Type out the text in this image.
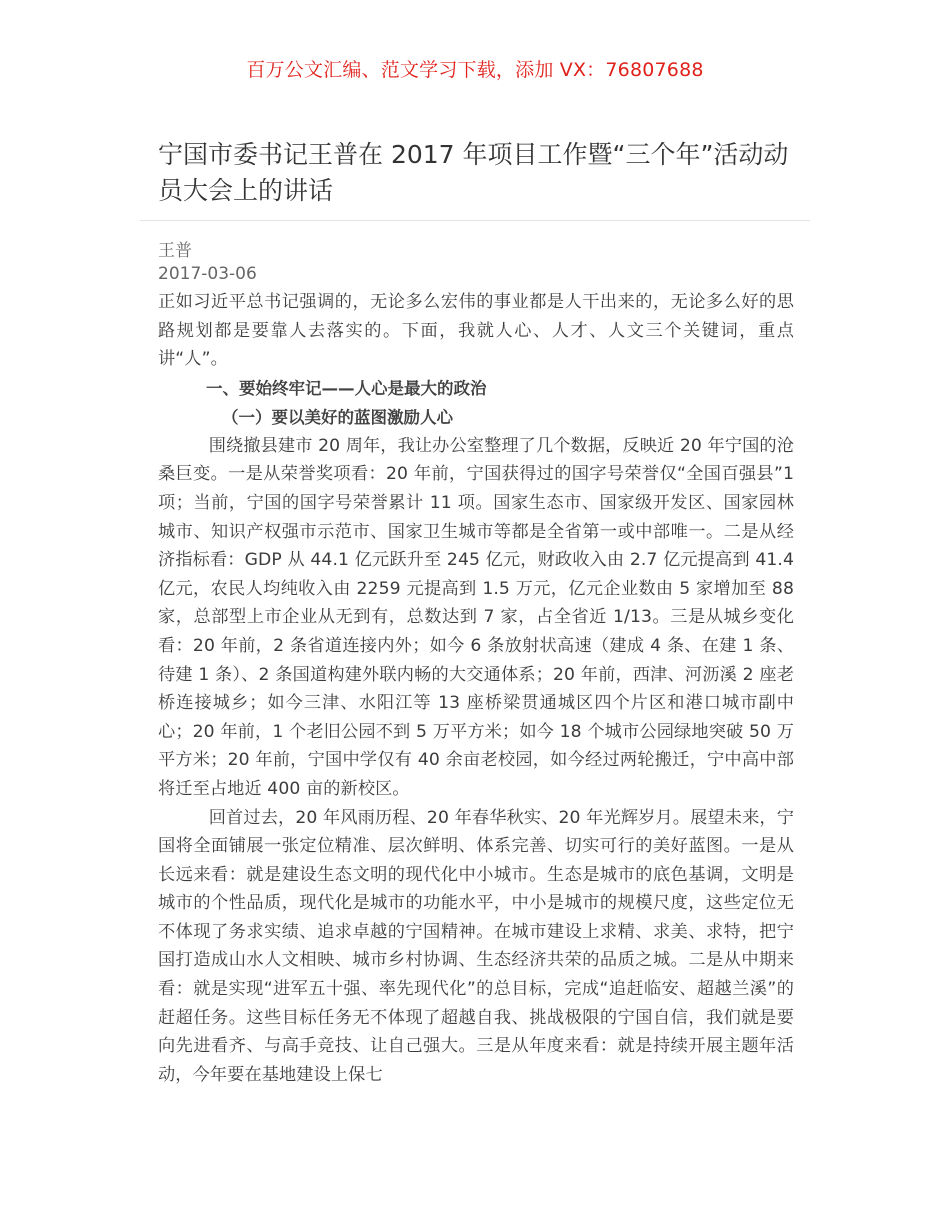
百万公文汇编、范文学习下载，添加 VX：76807688
宁国市委书记王普在 2017 年项目工作暨“三个年”活动动员大会上的讲话
王普
2017-03-06

正如习近平总书记强调的，无论多么宏伟的事业都是人干出来的，无论多么好的思路规划都是要靠人去落实的。下面，我就人心、人才、人文三个关键词，重点讲“人”。

一、要始终牢记——人心是最大的政治

（一）要以美好的蓝图激励人心

围绕撤县建市 20 周年，我让办公室整理了几个数据，反映近 20 年宁国的沧桑巨变。一是从荣誉奖项看：20 年前，宁国获得过的国字号荣誉仅“全国百强县”1 项；当前，宁国的国字号荣誉累计 11 项。国家生态市、国家级开发区、国家园林城市、知识产权强市示范市、国家卫生城市等都是全省第一或中部唯一。二是从经济指标看：GDP 从 44.1 亿元跃升至 245 亿元，财政收入由 2.7 亿元提高到 41.4 亿元，农民人均纯收入由 2259 元提高到 1.5 万元，亿元企业数由 5 家增加至 88 家，总部型上市企业从无到有，总数达到 7 家，占全省近 1/13。三是从城乡变化看：20 年前，2 条省道连接内外；如今 6 条放射状高速（建成 4 条、在建 1 条、待建 1 条）、2 条国道构建外联内畅的大交通体系；20 年前，西津、河沥溪 2 座老桥连接城乡；如今三津、水阳江等 13 座桥梁贯通城区四个片区和港口城市副中心；20 年前，1 个老旧公园不到 5 万平方米；如今 18 个城市公园绿地突破 50 万平方米；20 年前，宁国中学仅有 40 余亩老校园，如今经过两轮搬迁，宁中高中部将迁至占地近 400 亩的新校区。

回首过去，20 年风雨历程、20 年春华秋实、20 年光辉岁月。展望未来，宁国将全面铺展一张定位精准、层次鲜明、体系完善、切实可行的美好蓝图。一是从长远来看：就是建设生态文明的现代化中小城市。生态是城市的底色基调，文明是城市的个性品质，现代化是城市的功能水平，中小是城市的规模尺度，这些定位无不体现了务求实绩、追求卓越的宁国精神。在城市建设上求精、求美、求特，把宁国打造成山水人文相映、城市乡村协调、生态经济共荣的品质之城。二是从中期来看：就是实现“进军五十强、率先现代化”的总目标，完成“追赶临安、超越兰溪”的赶超任务。这些目标任务无不体现了超越自我、挑战极限的宁国自信，我们就是要向先进看齐、与高手竞技、让自己强大。三是从年度来看：就是持续开展主题年活动，今年要在基地建设上保七
